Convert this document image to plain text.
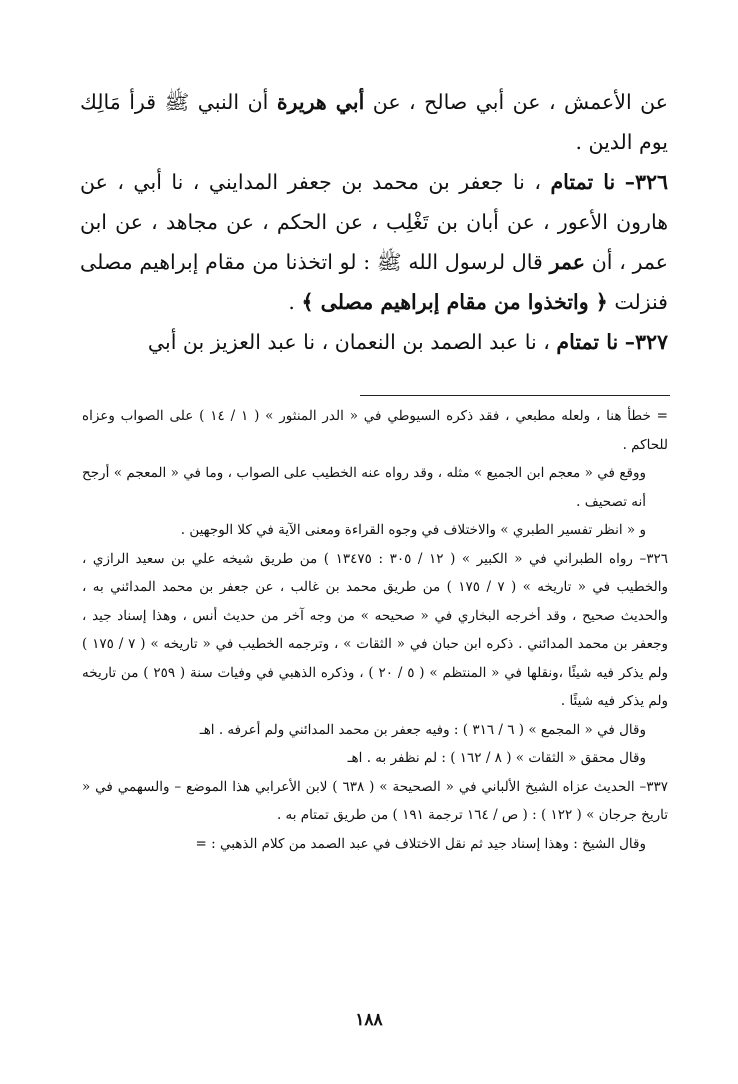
عن الأعمش ، عن أبي صالح ، عن أبي هريرة أن النبي ﷺ قرأ مَالِك يوم الدين .

٣٢٦– نا تمتام ، نا جعفر بن محمد بن جعفر المدايني ، نا أبي ، عن هارون الأعور ، عن أبان بن تَغْلِب ، عن الحكم ، عن مجاهد ، عن ابن عمر ، أن عمر قال لرسول الله ﷺ : لو اتخذنا من مقام إبراهيم مصلى فنزلت ﴿ واتخذوا من مقام إبراهيم مصلى ﴾ .

٣٢٧– نا تمتام ، نا عبد الصمد بن النعمان ، نا عبد العزيز بن أبي

= خطأ هنا ، ولعله مطبعي ، فقد ذكره السيوطي في « الدر المنثور » ( ١ / ١٤ ) على الصواب وعزاه للحاكم .

ووقع في « معجم ابن الجميع » مثله ، وقد رواه عنه الخطيب على الصواب ، وما في « المعجم » أرجح أنه تصحيف .

و « انظر تفسير الطبري » والاختلاف في وجوه القراءة ومعنى الآية في كلا الوجهين .

٣٢٦– رواه الطبراني في « الكبير » ( ١٢ / ٣٠٥ : ١٣٤٧٥ ) من طريق شيخه علي بن سعيد الرازي ، والخطيب في « تاريخه » ( ٧ / ١٧٥ ) من طريق محمد بن غالب ، عن جعفر بن محمد المدائني به ، والحديث صحيح ، وقد أخرجه البخاري في « صحيحه » من وجه آخر من حديث أنس ، وهذا إسناد جيد ، وجعفر بن محمد المدائني . ذكره ابن حبان في « الثقات » ، وترجمه الخطيب في « تاريخه » ( ٧ / ١٧٥ ) ولم يذكر فيه شيئًا ،ونقلها في « المنتظم » ( ٥ / ٢٠ ) ، وذكره الذهبي في وفيات سنة ( ٢٥٩ ) من تاريخه ولم يذكر فيه شيئًا .

وقال في « المجمع » ( ٦ / ٣١٦ ) : وفيه جعفر بن محمد المدائني ولم أعرفه . اهـ

وقال محقق « الثقات » ( ٨ / ١٦٢ ) : لم نظفر به . اهـ

٣٣٧– الحديث عزاه الشيخ الألباني في « الصحيحة » ( ٦٣٨ ) لابن الأعرابي هذا الموضع – والسهمي في « تاريخ جرجان » ( ١٢٢ ) : ( ص / ١٦٤ ترجمة ١٩١ ) من طريق تمتام به .

وقال الشيخ : وهذا إسناد جيد ثم نقل الاختلاف في عبد الصمد من كلام الذهبي : =

١٨٨
